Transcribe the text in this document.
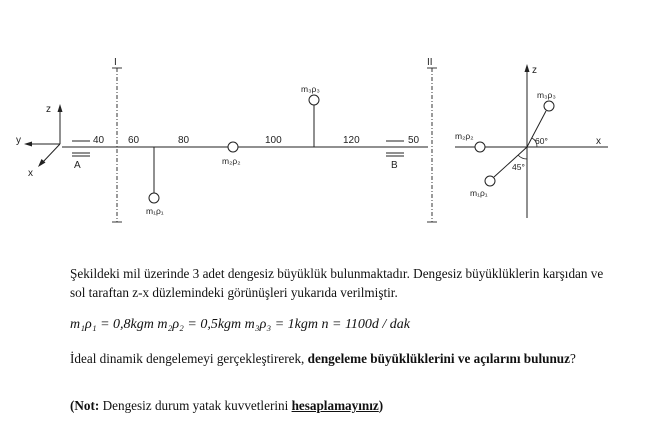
z
y
x
A	B
I	II
40 60	80	100	120	50
m₁ρ₁
m₂ρ₂
m₃ρ₃
z
x
m₃ρ₃
m₂ρ₂
m₁ρ₁
60°
45°
Şekildeki mil üzerinde 3 adet dengesiz büyüklük bulunmaktadır. Dengesiz büyüklüklerin karşıdan ve sol taraftan z-x düzlemindeki görünüşleri yukarıda verilmiştir.
m₁ρ₁ = 0,8kgm m₂ρ₂ = 0,5kgm m₃ρ₃ = 1kgm n = 1100d / dak
İdeal dinamik dengelemeyi gerçekleştirerek, dengeleme büyüklüklerini ve açılarını bulunuz?
(Not: Dengesiz durum yatak kuvvetlerini hesaplamayınız)
